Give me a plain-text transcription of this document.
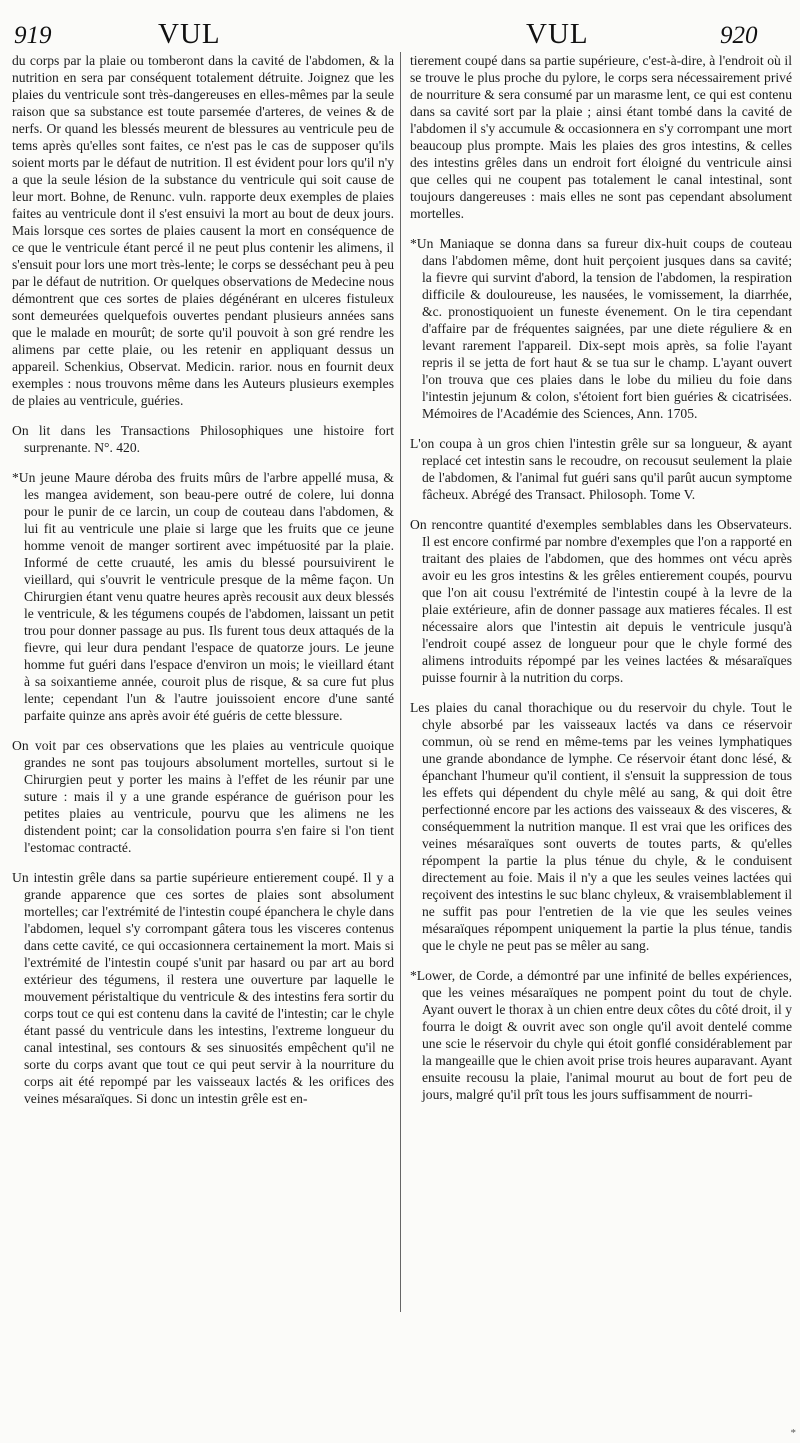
919	VUL	VUL	920

du corps par la plaie ou tomberont dans la cavité de l'abdomen, & la nutrition en sera par conséquent totalement détruite. Joignez que les plaies du ventricule sont très-dangereuses en elles-mêmes par la seule raison que sa substance est toute parsemée d'arteres, de veines & de nerfs. Or quand les blessés meurent de blessures au ventricule peu de tems après qu'elles sont faites, ce n'est pas le cas de supposer qu'ils soient morts par le défaut de nutrition. Il est évident pour lors qu'il n'y a que la seule lésion de la substance du ventricule qui soit cause de leur mort. Bohne, de Renunc. vuln. rapporte deux exemples de plaies faites au ventricule dont il s'est ensuivi la mort au bout de deux jours. Mais lorsque ces sortes de plaies causent la mort en conséquence de ce que le ventricule étant percé il ne peut plus contenir les alimens, il s'ensuit pour lors une mort très-lente; le corps se desséchant peu à peu par le défaut de nutrition. Or quelques observations de Medecine nous démontrent que ces sortes de plaies dégénérant en ulceres fistuleux sont demeurées quelquefois ouvertes pendant plusieurs années sans que le malade en mourût; de sorte qu'il pouvoit à son gré rendre les alimens par cette plaie, ou les retenir en appliquant dessus un appareil. Schenkius, Observat. Medicin. rarior. nous en fournit deux exemples : nous trouvons même dans les Auteurs plusieurs exemples de plaies au ventricule, guéries.

On lit dans les Transactions Philosophiques une histoire fort surprenante. N°. 420.

*Un jeune Maure déroba des fruits mûrs de l'arbre appellé musa, & les mangea avidement, son beau-pere outré de colere, lui donna pour le punir de ce larcin, un coup de couteau dans l'abdomen, & lui fit au ventricule une plaie si large que les fruits que ce jeune homme venoit de manger sortirent avec impétuosité par la plaie. Informé de cette cruauté, les amis du blessé poursuivirent le vieillard, qui s'ouvrit le ventricule presque de la même façon. Un Chirurgien étant venu quatre heures après recousit aux deux blessés le ventricule, & les tégumens coupés de l'abdomen, laissant un petit trou pour donner passage au pus. Ils furent tous deux attaqués de la fievre, qui leur dura pendant l'espace de quatorze jours. Le jeune homme fut guéri dans l'espace d'environ un mois; le vieillard étant à sa soixantieme année, couroit plus de risque, & sa cure fut plus lente; cependant l'un & l'autre jouissoient encore d'une santé parfaite quinze ans après avoir été guéris de cette blessure.

On voit par ces observations que les plaies au ventricule quoique grandes ne sont pas toujours absolument mortelles, surtout si le Chirurgien peut y porter les mains à l'effet de les réunir par une suture : mais il y a une grande espérance de guérison pour les petites plaies au ventricule, pourvu que les alimens ne les distendent point; car la consolidation pourra s'en faire si l'on tient l'estomac contracté.

Un intestin grêle dans sa partie supérieure entierement coupé. Il y a grande apparence que ces sortes de plaies sont absolument mortelles; car l'extrémité de l'intestin coupé épanchera le chyle dans l'abdomen, lequel s'y corrompant gâtera tous les visceres contenus dans cette cavité, ce qui occasionnera certainement la mort. Mais si l'extrémité de l'intestin coupé s'unit par hasard ou par art au bord extérieur des tégumens, il restera une ouverture par laquelle le mouvement péristaltique du ventricule & des intestins fera sortir du corps tout ce qui est contenu dans la cavité de l'intestin; car le chyle étant passé du ventricule dans les intestins, l'extreme longueur du canal intestinal, ses contours & ses sinuosités empêchent qu'il ne sorte du corps avant que tout ce qui peut servir à la nourriture du corps ait été repompé par les vaisseaux lactés & les orifices des veines mésaraïques. Si donc un intestin grêle est en-

tierement coupé dans sa partie supérieure, c'est-à-dire, à l'endroit où il se trouve le plus proche du pylore, le corps sera nécessairement privé de nourriture & sera consumé par un marasme lent, ce qui est contenu dans sa cavité sort par la plaie ; ainsi étant tombé dans la cavité de l'abdomen il s'y accumule & occasionnera en s'y corrompant une mort beaucoup plus prompte. Mais les plaies des gros intestins, & celles des intestins grêles dans un endroit fort éloigné du ventricule ainsi que celles qui ne coupent pas totalement le canal intestinal, sont toujours dangereuses : mais elles ne sont pas cependant absolument mortelles.

*Un Maniaque se donna dans sa fureur dix-huit coups de couteau dans l'abdomen même, dont huit perçoient jusques dans sa cavité; la fievre qui survint d'abord, la tension de l'abdomen, la respiration difficile & douloureuse, les nausées, le vomissement, la diarrhée, &c. pronostiquoient un funeste évenement. On le tira cependant d'affaire par de fréquentes saignées, par une diete réguliere & en levant rarement l'appareil. Dix-sept mois après, sa folie l'ayant repris il se jetta de fort haut & se tua sur le champ. L'ayant ouvert l'on trouva que ces plaies dans le lobe du milieu du foie dans l'intestin jejunum & colon, s'étoient fort bien guéries & cicatrisées. Mémoires de l'Académie des Sciences, Ann. 1705.

L'on coupa à un gros chien l'intestin grêle sur sa longueur, & ayant replacé cet intestin sans le recoudre, on recousut seulement la plaie de l'abdomen, & l'animal fut guéri sans qu'il parût aucun symptome fâcheux. Abrégé des Transact. Philosoph. Tome V.

On rencontre quantité d'exemples semblables dans les Observateurs. Il est encore confirmé par nombre d'exemples que l'on a rapporté en traitant des plaies de l'abdomen, que des hommes ont vécu après avoir eu les gros intestins & les grêles entierement coupés, pourvu que l'on ait cousu l'extrémité de l'intestin coupé à la levre de la plaie extérieure, afin de donner passage aux matieres fécales. Il est nécessaire alors que l'intestin ait depuis le ventricule jusqu'à l'endroit coupé assez de longueur pour que le chyle formé des alimens introduits répompé par les veines lactées & mésaraïques puisse fournir à la nutrition du corps.

Les plaies du canal thorachique ou du reservoir du chyle. Tout le chyle absorbé par les vaisseaux lactés va dans ce réservoir commun, où se rend en même-tems par les veines lymphatiques une grande abondance de lymphe. Ce réservoir étant donc lésé, & épanchant l'humeur qu'il contient, il s'ensuit la suppression de tous les effets qui dépendent du chyle mêlé au sang, & qui doit être perfectionné encore par les actions des vaisseaux & des visceres, & conséquemment la nutrition manque. Il est vrai que les orifices des veines mésaraïques sont ouverts de toutes parts, & qu'elles répompent la partie la plus ténue du chyle, & le conduisent directement au foie. Mais il n'y a que les seules veines lactées qui reçoivent des intestins le suc blanc chyleux, & vraisemblablement il ne suffit pas pour l'entretien de la vie que les seules veines mésaraïques répompent uniquement la partie la plus ténue, tandis que le chyle ne peut pas se mêler au sang.

*Lower, de Corde, a démontré par une infinité de belles expériences, que les veines mésaraïques ne pompent point du tout de chyle. Ayant ouvert le thorax à un chien entre deux côtes du côté droit, il y fourra le doigt & ouvrit avec son ongle qu'il avoit dentelé comme une scie le réservoir du chyle qui étoit gonflé considérablement par la mangeaille que le chien avoit prise trois heures auparavant. Ayant ensuite recousu la plaie, l'animal mourut au bout de fort peu de jours, malgré qu'il prît tous les jours suffisamment de nourri-

*
